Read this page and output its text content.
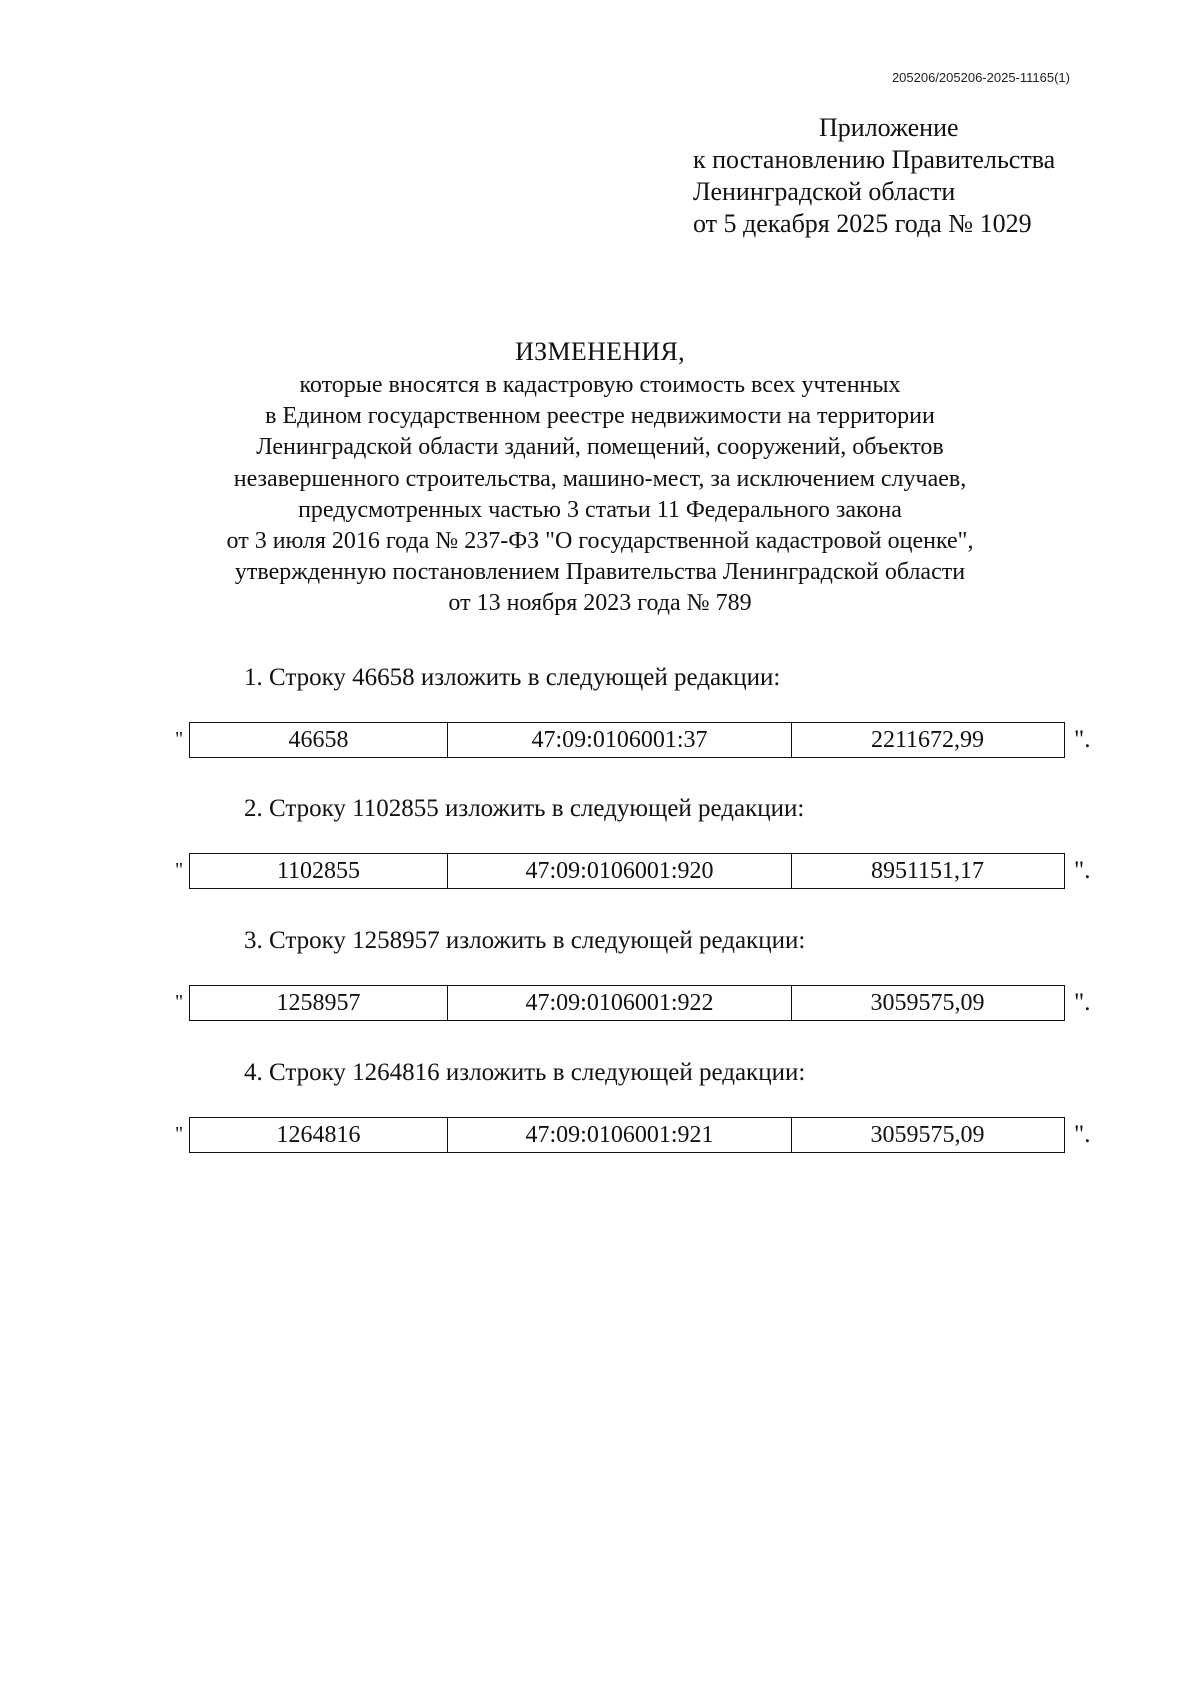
205206/205206-2025-11165(1)
Приложение
к постановлению Правительства
Ленинградской области
от 5 декабря 2025 года № 1029
ИЗМЕНЕНИЯ,
которые вносятся в кадастровую стоимость всех учтенных
в Едином государственном реестре недвижимости на территории
Ленинградской области зданий, помещений, сооружений, объектов
незавершенного строительства, машино-мест, за исключением случаев,
предусмотренных частью 3 статьи 11 Федерального закона
от 3 июля 2016 года № 237-ФЗ "О государственной кадастровой оценке",
утвержденную постановлением Правительства Ленинградской области
от 13 ноября 2023 года № 789
1. Строку 46658 изложить в следующей редакции:
"	46658	47:09:0106001:37	2211672,99	".
2. Строку 1102855 изложить в следующей редакции:
"	1102855	47:09:0106001:920	8951151,17	".
3. Строку 1258957 изложить в следующей редакции:
"	1258957	47:09:0106001:922	3059575,09	".
4. Строку 1264816 изложить в следующей редакции:
"	1264816	47:09:0106001:921	3059575,09	".
